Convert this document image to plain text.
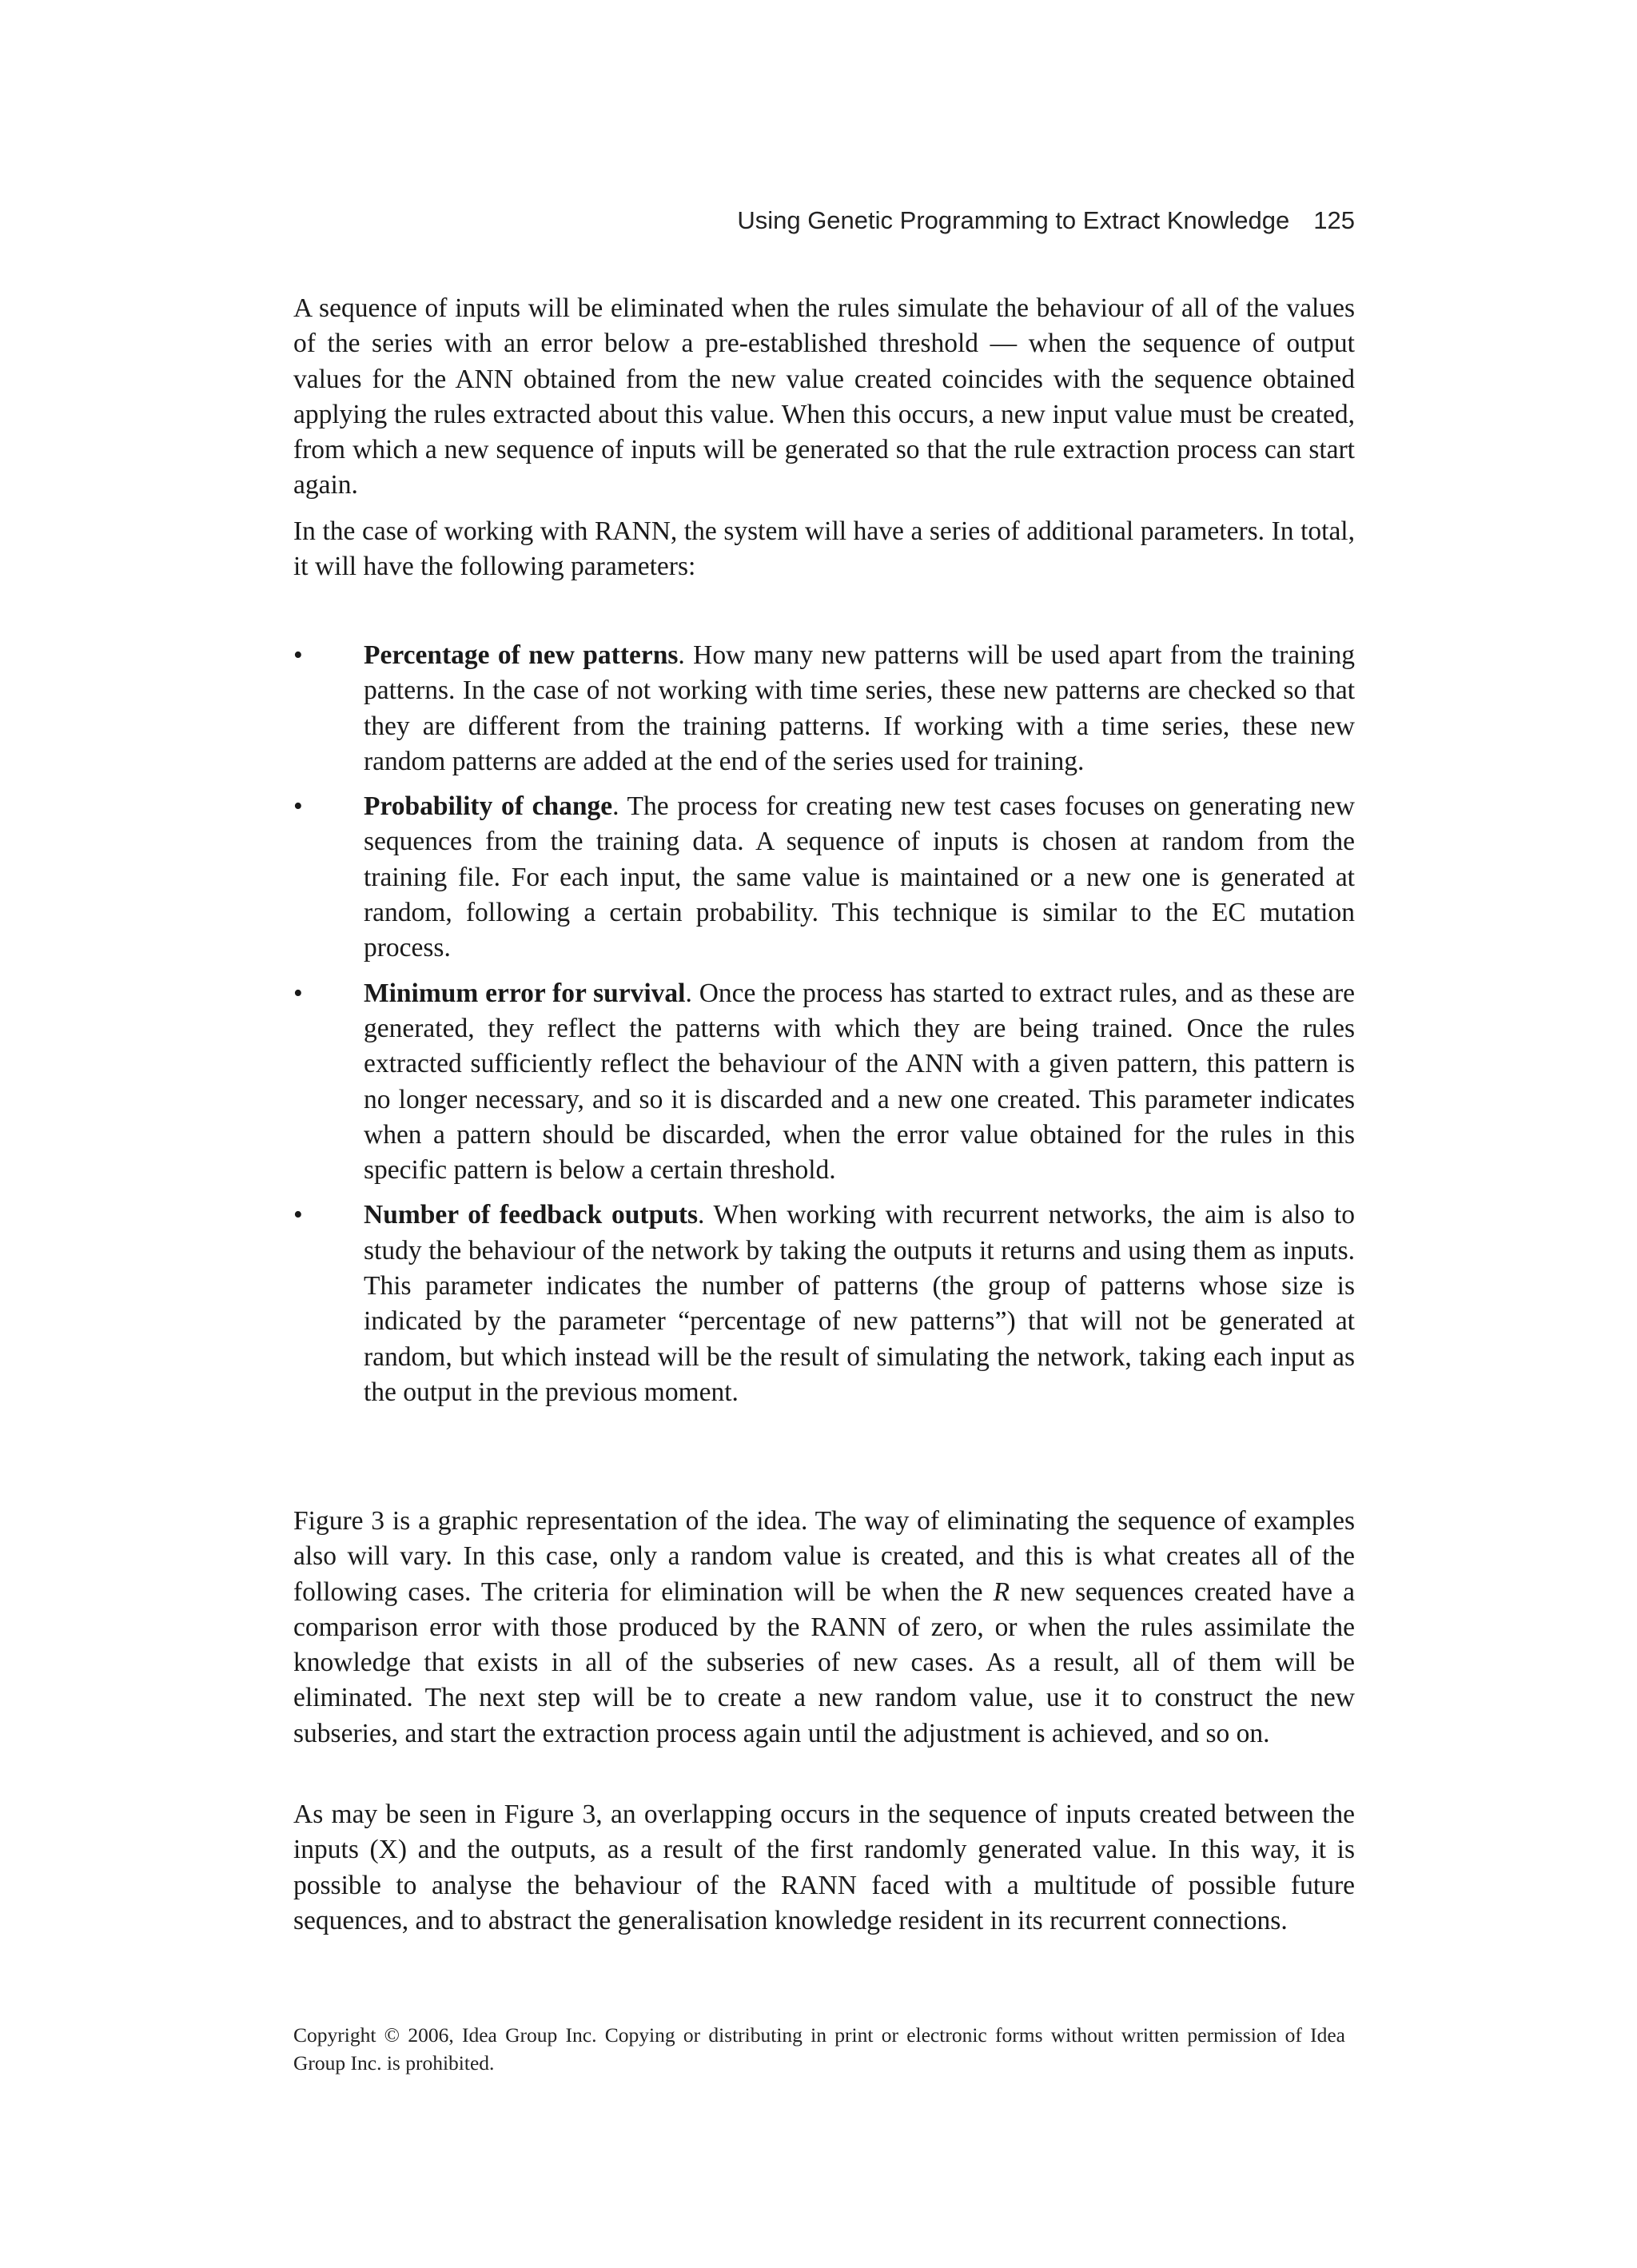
Using Genetic Programming to Extract Knowledge 125

A sequence of inputs will be eliminated when the rules simulate the behaviour of all of the values of the series with an error below a pre-established threshold — when the sequence of output values for the ANN obtained from the new value created coincides with the sequence obtained applying the rules extracted about this value. When this occurs, a new input value must be created, from which a new sequence of inputs will be generated so that the rule extraction process can start again.

In the case of working with RANN, the system will have a series of additional parameters. In total, it will have the following parameters:

• Percentage of new patterns. How many new patterns will be used apart from the training patterns. In the case of not working with time series, these new patterns are checked so that they are different from the training patterns. If working with a time series, these new random patterns are added at the end of the series used for training.
• Probability of change. The process for creating new test cases focuses on generating new sequences from the training data. A sequence of inputs is chosen at random from the training file. For each input, the same value is maintained or a new one is generated at random, following a certain probability. This technique is similar to the EC mutation process.
• Minimum error for survival. Once the process has started to extract rules, and as these are generated, they reflect the patterns with which they are being trained. Once the rules extracted sufficiently reflect the behaviour of the ANN with a given pattern, this pattern is no longer necessary, and so it is discarded and a new one created. This parameter indicates when a pattern should be discarded, when the error value obtained for the rules in this specific pattern is below a certain threshold.
• Number of feedback outputs. When working with recurrent networks, the aim is also to study the behaviour of the network by taking the outputs it returns and using them as inputs. This parameter indicates the number of patterns (the group of patterns whose size is indicated by the parameter “percentage of new patterns”) that will not be generated at random, but which instead will be the result of simulating the network, taking each input as the output in the previous moment.

Figure 3 is a graphic representation of the idea. The way of eliminating the sequence of examples also will vary. In this case, only a random value is created, and this is what creates all of the following cases. The criteria for elimination will be when the R new sequences created have a comparison error with those produced by the RANN of zero, or when the rules assimilate the knowledge that exists in all of the subseries of new cases. As a result, all of them will be eliminated. The next step will be to create a new random value, use it to construct the new subseries, and start the extraction process again until the adjustment is achieved, and so on.

As may be seen in Figure 3, an overlapping occurs in the sequence of inputs created between the inputs (X) and the outputs, as a result of the first randomly generated value. In this way, it is possible to analyse the behaviour of the RANN faced with a multitude of possible future sequences, and to abstract the generalisation knowledge resident in its recurrent connections.

Copyright © 2006, Idea Group Inc. Copying or distributing in print or electronic forms without written permission of Idea Group Inc. is prohibited.
